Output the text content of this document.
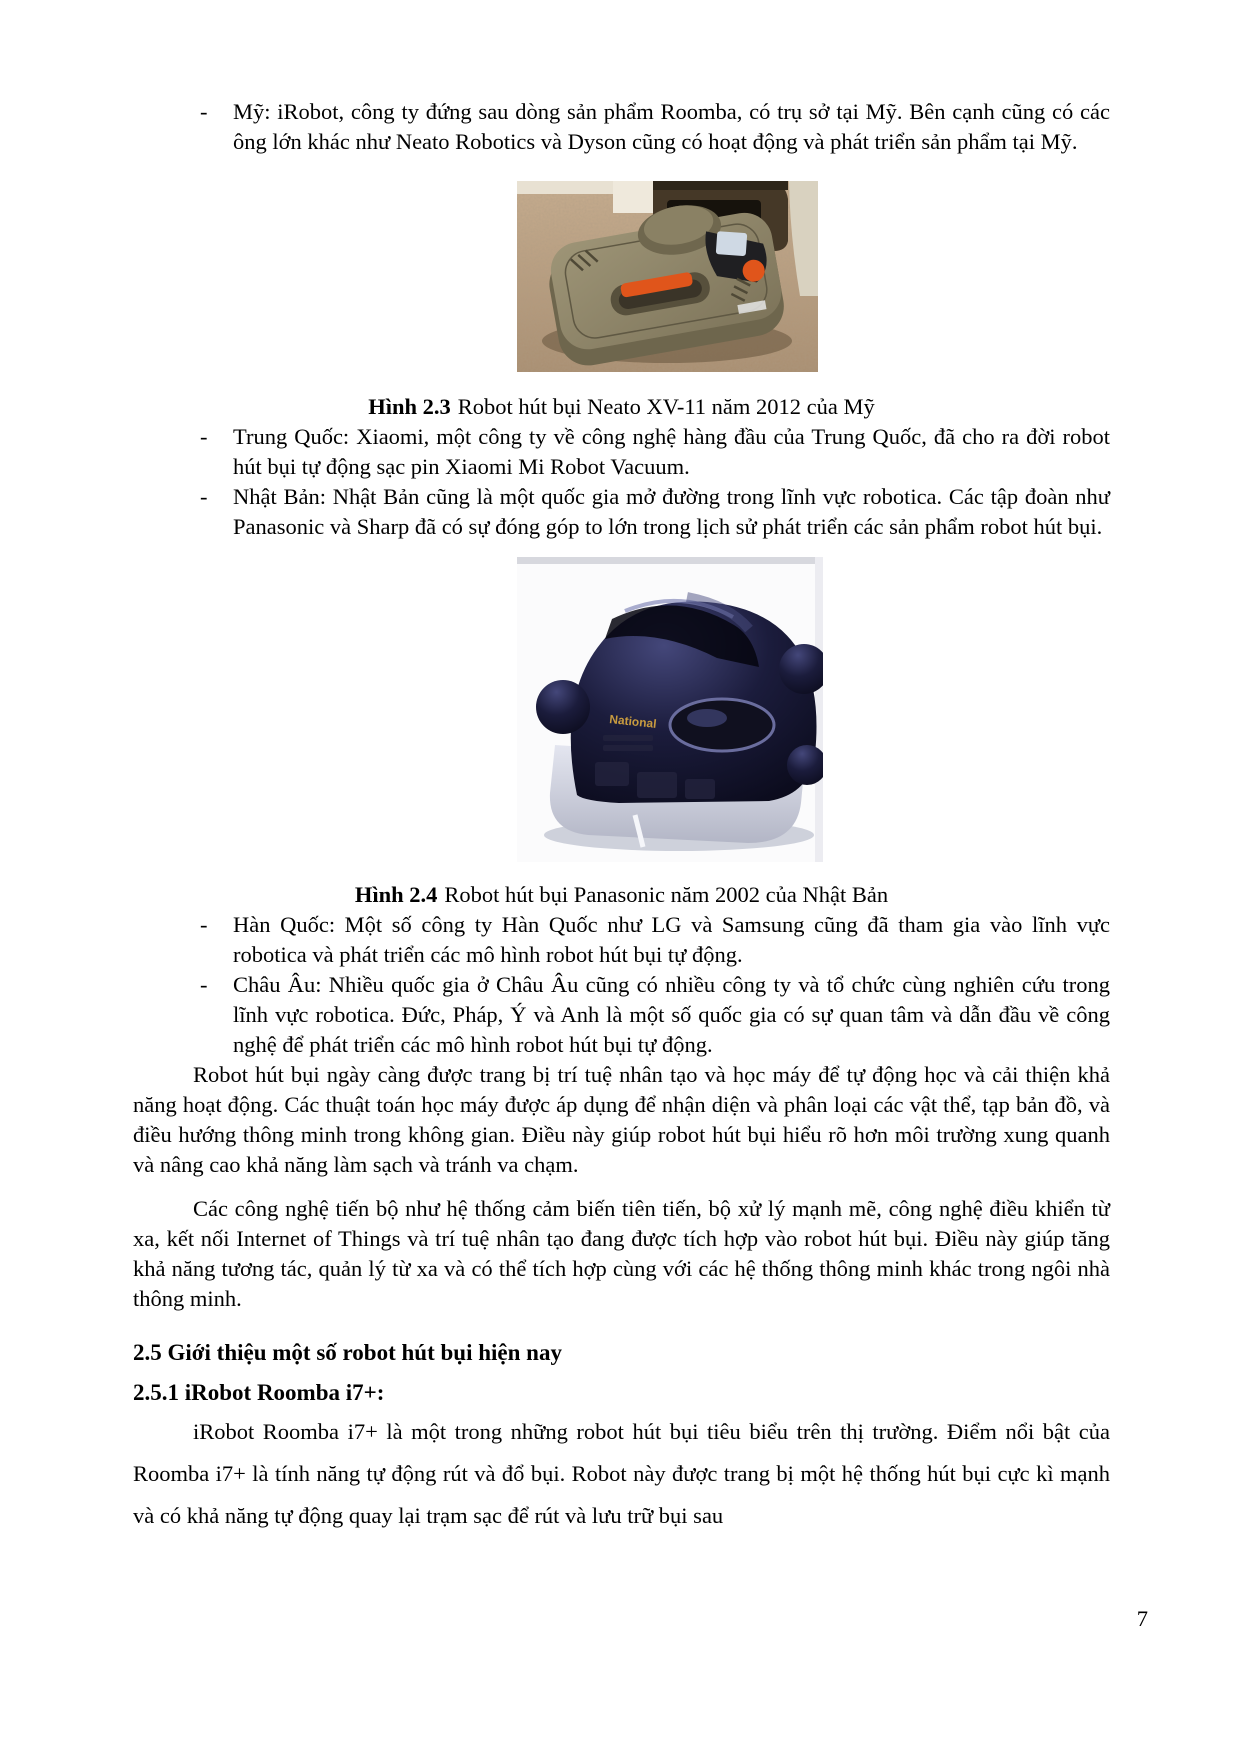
-	Mỹ: iRobot, công ty đứng sau dòng sản phẩm Roomba, có trụ sở tại Mỹ. Bên cạnh cũng có các ông lớn khác như Neato Robotics và Dyson cũng có hoạt động và phát triển sản phẩm tại Mỹ.
Hình 2.3 Robot hút bụi Neato XV-11 năm 2012 của Mỹ
-	Trung Quốc: Xiaomi, một công ty về công nghệ hàng đầu của Trung Quốc, đã cho ra đời robot hút bụi tự động sạc pin Xiaomi Mi Robot Vacuum.
-	Nhật Bản: Nhật Bản cũng là một quốc gia mở đường trong lĩnh vực robotica. Các tập đoàn như Panasonic và Sharp đã có sự đóng góp to lớn trong lịch sử phát triển các sản phẩm robot hút bụi.
National
Hình 2.4 Robot hút bụi Panasonic năm 2002 của Nhật Bản
-	Hàn Quốc: Một số công ty Hàn Quốc như LG và Samsung cũng đã tham gia vào lĩnh vực robotica và phát triển các mô hình robot hút bụi tự động.
-	Châu Âu: Nhiều quốc gia ở Châu Âu cũng có nhiều công ty và tổ chức cùng nghiên cứu trong lĩnh vực robotica. Đức, Pháp, Ý và Anh là một số quốc gia có sự quan tâm và dẫn đầu về công nghệ để phát triển các mô hình robot hút bụi tự động.

Robot hút bụi ngày càng được trang bị trí tuệ nhân tạo và học máy để tự động học và cải thiện khả năng hoạt động. Các thuật toán học máy được áp dụng để nhận diện và phân loại các vật thể, tạp bản đồ, và điều hướng thông minh trong không gian. Điều này giúp robot hút bụi hiểu rõ hơn môi trường xung quanh và nâng cao khả năng làm sạch và tránh va chạm.

Các công nghệ tiến bộ như hệ thống cảm biến tiên tiến, bộ xử lý mạnh mẽ, công nghệ điều khiển từ xa, kết nối Internet of Things và trí tuệ nhân tạo đang được tích hợp vào robot hút bụi. Điều này giúp tăng khả năng tương tác, quản lý từ xa và có thể tích hợp cùng với các hệ thống thông minh khác trong ngôi nhà thông minh.

2.5 Giới thiệu một số robot hút bụi hiện nay
2.5.1 iRobot Roomba i7+:

iRobot Roomba i7+ là một trong những robot hút bụi tiêu biểu trên thị trường. Điểm nổi bật của Roomba i7+ là tính năng tự động rút và đổ bụi. Robot này được trang bị một hệ thống hút bụi cực kì mạnh và có khả năng tự động quay lại trạm sạc để rút và lưu trữ bụi sau

7
